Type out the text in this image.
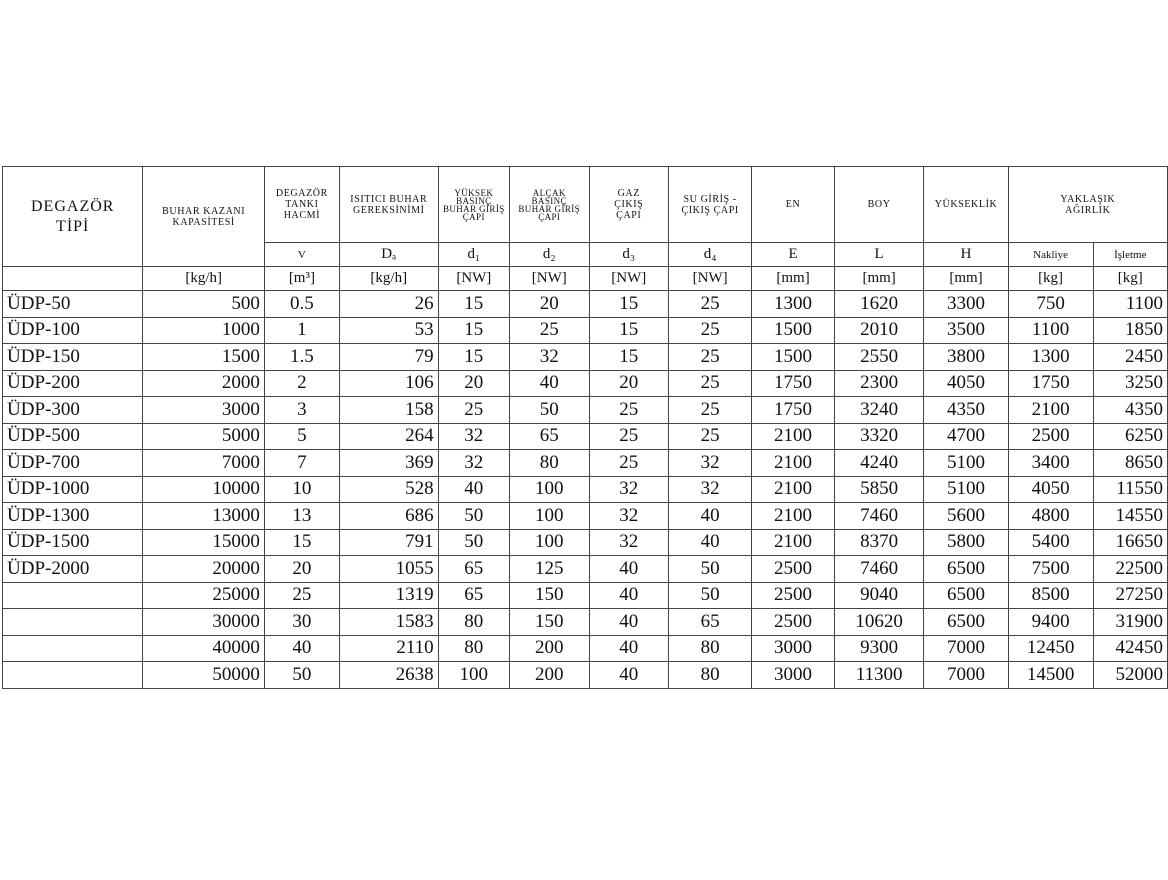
DEGAZÖR TİPİ	BUHAR KAZANI KAPASİTESİ	DEGAZÖR TANKI HACMİ	ISITICI BUHAR GEREKSİNİMİ	YÜKSEK BASINÇ BUHAR GİRİŞ ÇAPI	ALÇAK BASINÇ BUHAR GİRİŞ ÇAPI	GAZ ÇIKIŞ ÇAPI	SU GİRİŞ - ÇIKIŞ ÇAPI	EN	BOY	YÜKSEKLİK	YAKLAŞIK AĞIRLIK	
		V	Dₐ	d₁	d₂	d₃	d₄	E	L	H	Nakliye	İşletme
	[kg/h]	[m³]	[kg/h]	[NW]	[NW]	[NW]	[NW]	[mm]	[mm]	[mm]	[kg]	[kg]
ÜDP-50	500	0.5	26	15	20	15	25	1300	1620	3300	750	1100
ÜDP-100	1000	1	53	15	25	15	25	1500	2010	3500	1100	1850
ÜDP-150	1500	1.5	79	15	32	15	25	1500	2550	3800	1300	2450
ÜDP-200	2000	2	106	20	40	20	25	1750	2300	4050	1750	3250
ÜDP-300	3000	3	158	25	50	25	25	1750	3240	4350	2100	4350
ÜDP-500	5000	5	264	32	65	25	25	2100	3320	4700	2500	6250
ÜDP-700	7000	7	369	32	80	25	32	2100	4240	5100	3400	8650
ÜDP-1000	10000	10	528	40	100	32	32	2100	5850	5100	4050	11550
ÜDP-1300	13000	13	686	50	100	32	40	2100	7460	5600	4800	14550
ÜDP-1500	15000	15	791	50	100	32	40	2100	8370	5800	5400	16650
ÜDP-2000	20000	20	1055	65	125	40	50	2500	7460	6500	7500	22500
	25000	25	1319	65	150	40	50	2500	9040	6500	8500	27250
	30000	30	1583	80	150	40	65	2500	10620	6500	9400	31900
	40000	40	2110	80	200	40	80	3000	9300	7000	12450	42450
	50000	50	2638	100	200	40	80	3000	11300	7000	14500	52000
